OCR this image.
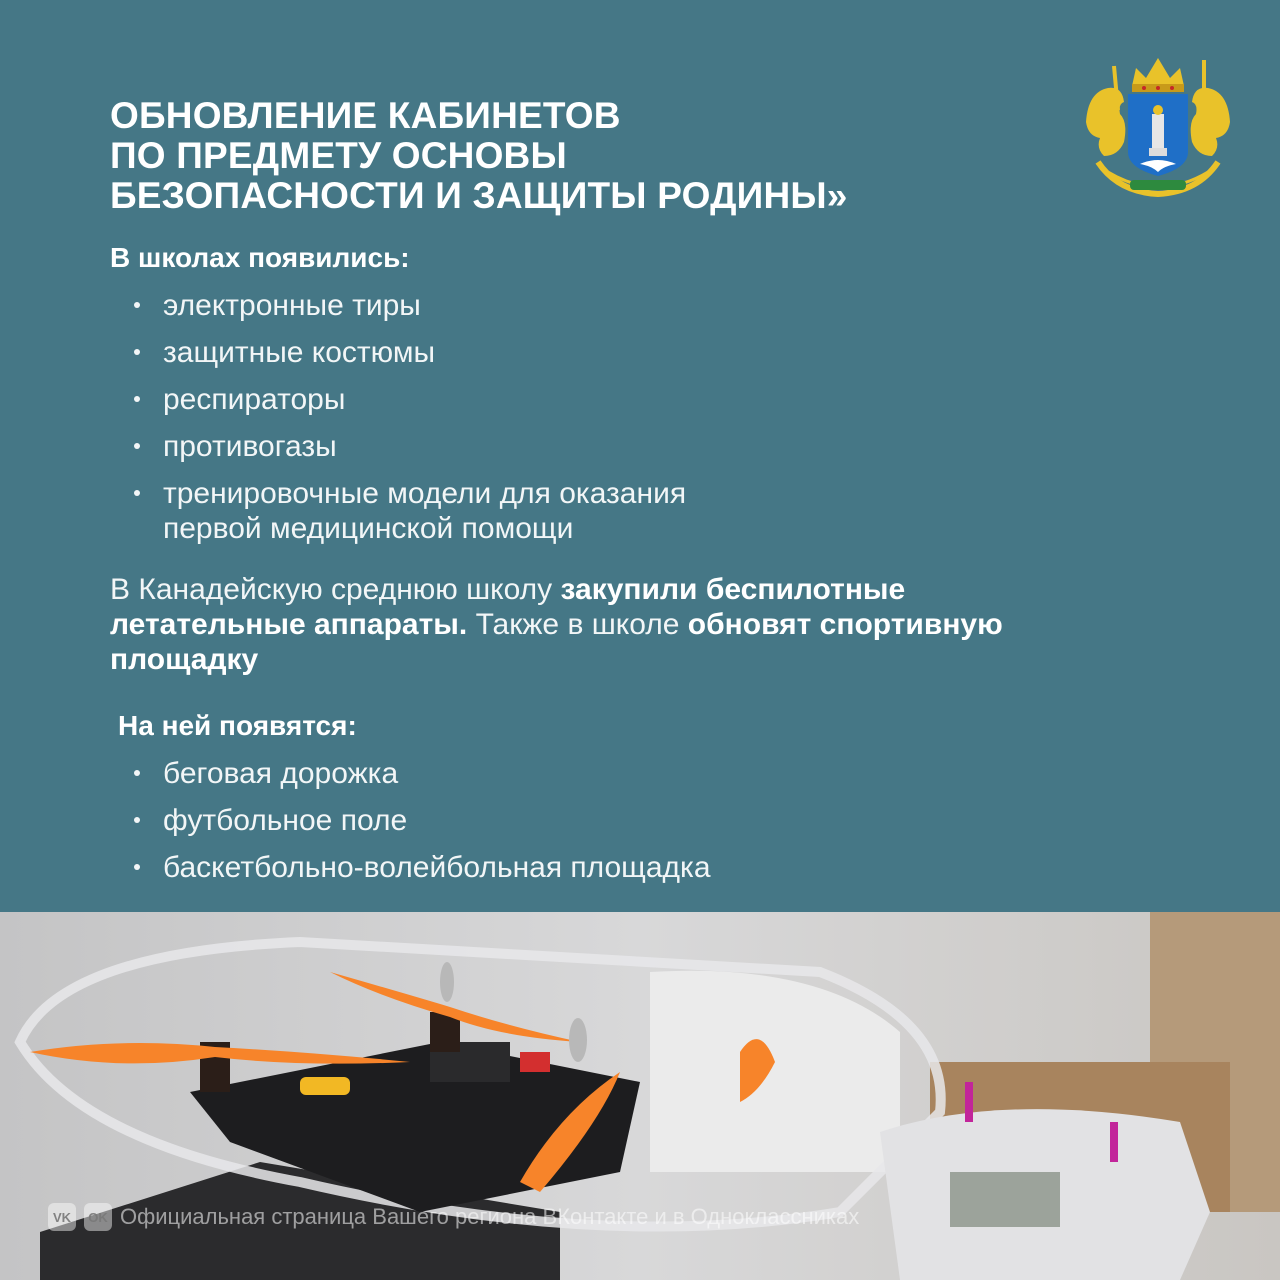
ОБНОВЛЕНИЕ КАБИНЕТОВ
ПО ПРЕДМЕТУ ОСНОВЫ
БЕЗОПАСНОСТИ И ЗАЩИТЫ РОДИНЫ»
В школах появились:
электронные тиры
защитные костюмы
респираторы
противогазы
тренировочные модели для оказания
первой медицинской помощи

В Канадейскую среднюю школу закупили беспилотные летательные аппараты. Также в школе обновят спортивную площадку

На ней появятся:
беговая дорожка
футбольное поле
баскетбольно-волейбольная площадка
VK	OK Официальная страница Вашего региона ВКонтакте и в Одноклассниках
